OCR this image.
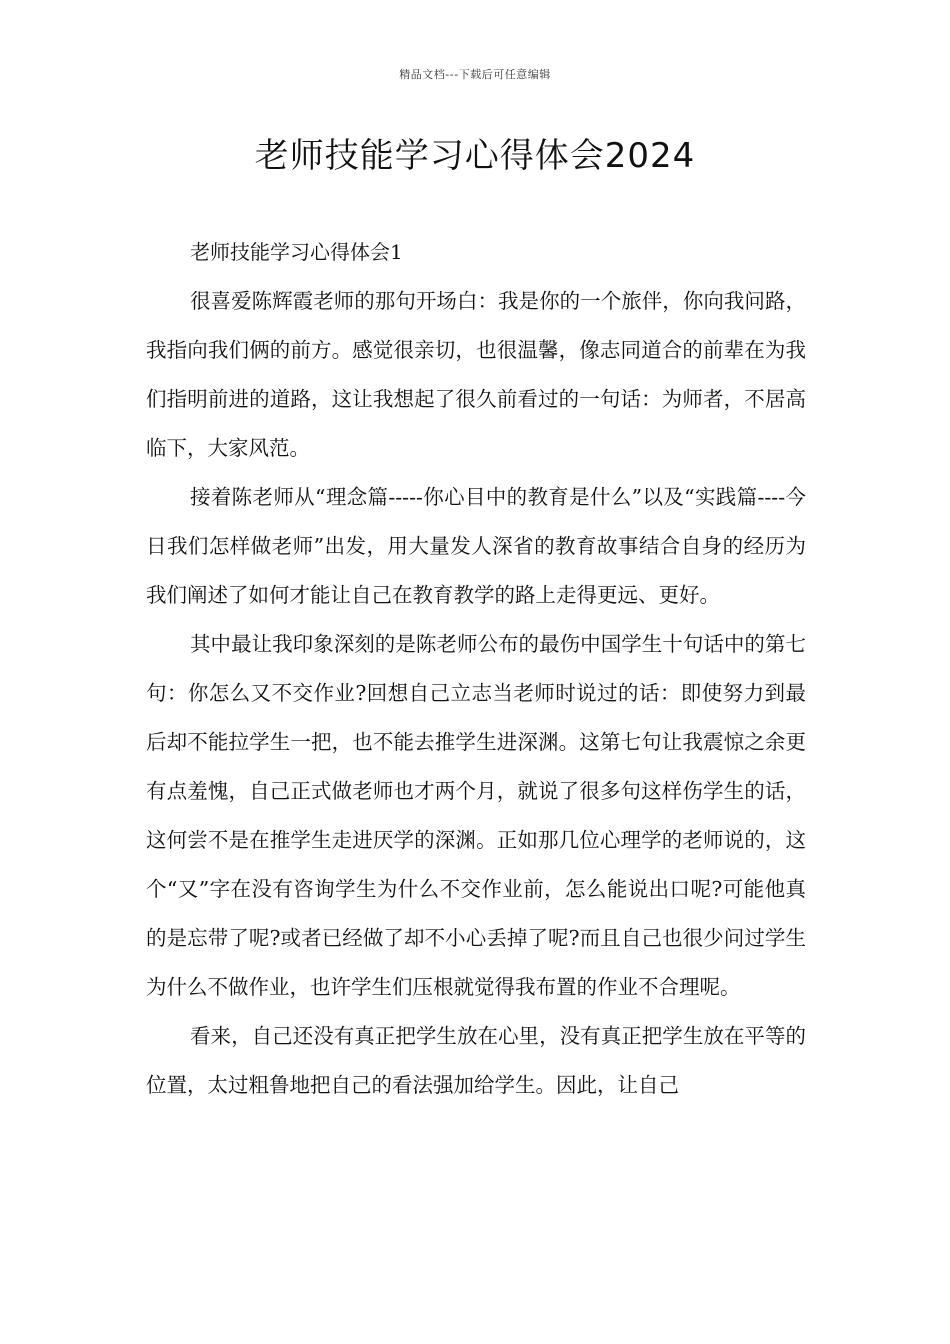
精品文档---下载后可任意编辑
老师技能学习心得体会2024

老师技能学习心得体会1

很喜爱陈辉霞老师的那句开场白：我是你的一个旅伴，你向我问路，我指向我们俩的前方。感觉很亲切，也很温馨，像志同道合的前辈在为我们指明前进的道路，这让我想起了很久前看过的一句话：为师者，不居高临下，大家风范。

接着陈老师从“理念篇-----你心目中的教育是什么”以及“实践篇----今日我们怎样做老师”出发，用大量发人深省的教育故事结合自身的经历为我们阐述了如何才能让自己在教育教学的路上走得更远、更好。

其中最让我印象深刻的是陈老师公布的最伤中国学生十句话中的第七句：你怎么又不交作业?回想自己立志当老师时说过的话：即使努力到最后却不能拉学生一把，也不能去推学生进深渊。这第七句让我震惊之余更有点羞愧，自己正式做老师也才两个月，就说了很多句这样伤学生的话，这何尝不是在推学生走进厌学的深渊。正如那几位心理学的老师说的，这个“又”字在没有咨询学生为什么不交作业前，怎么能说出口呢?可能他真的是忘带了呢?或者已经做了却不小心丢掉了呢?而且自己也很少问过学生为什么不做作业，也许学生们压根就觉得我布置的作业不合理呢。

看来，自己还没有真正把学生放在心里，没有真正把学生放在平等的位置，太过粗鲁地把自己的看法强加给学生。因此，让自己
